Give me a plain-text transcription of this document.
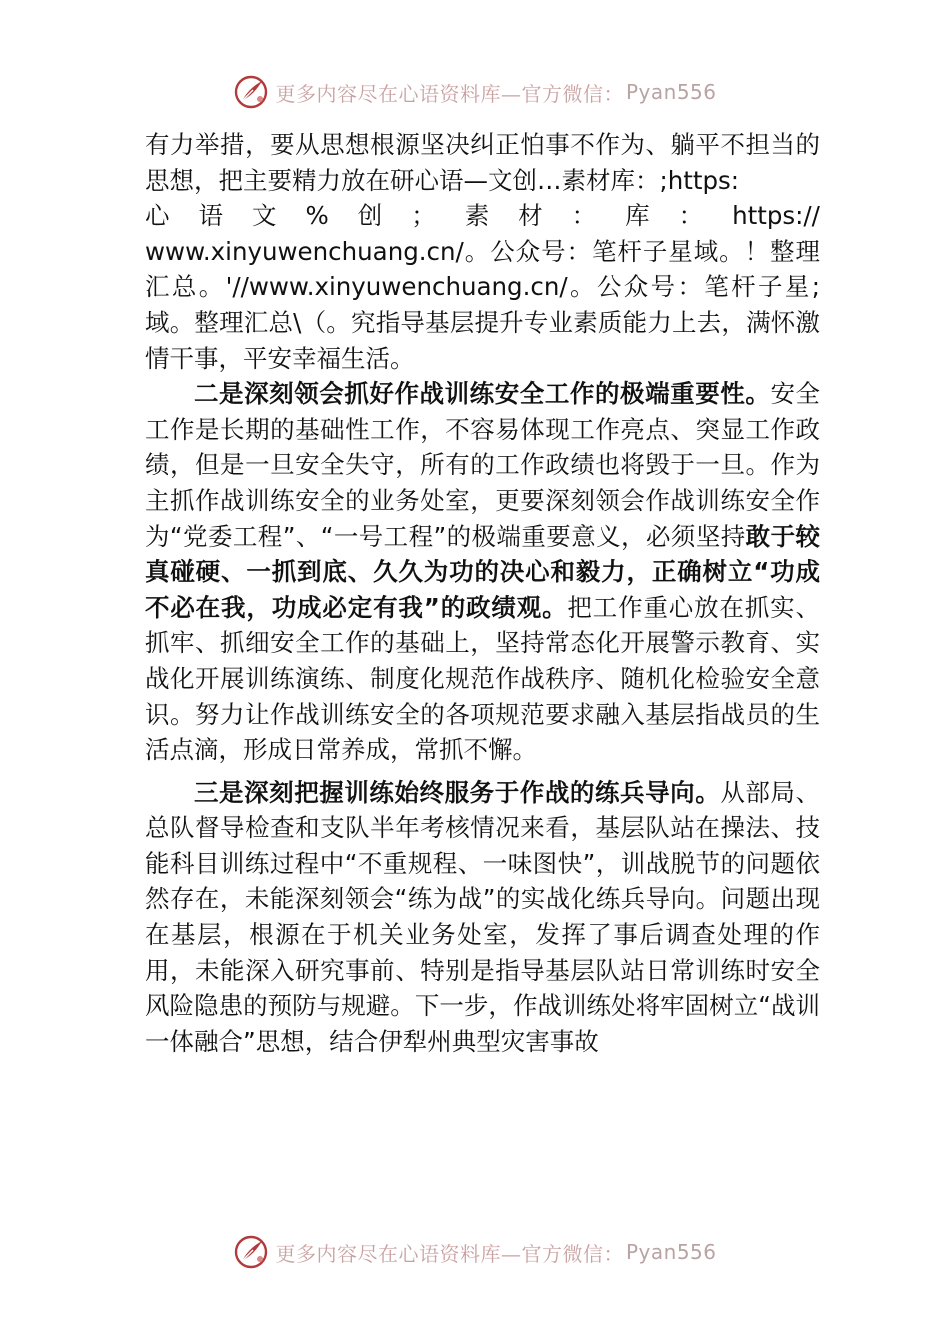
更多内容尽在心语资料库—官方微信： Pyan556

有力举措，要从思想根源坚决纠正怕事不作为、躺平不担当的思想，把主要精力放在研心语—文创…素材库：;https:

心 语 文 % 创 ； 素 材 ： 库 ： https://

www.xinyuwenchuang.cn/。公众号：笔杆子星域。！整理汇总。'//www.xinyuwenchuang.cn/。公众号：笔杆子星;域。整理汇总\（。究指导基层提升专业素质能力上去，满怀激情干事，平安幸福生活。

二是深刻领会抓好作战训练安全工作的极端重要性。安全工作是长期的基础性工作，不容易体现工作亮点、突显工作政绩，但是一旦安全失守，所有的工作政绩也将毁于一旦。作为主抓作战训练安全的业务处室，更要深刻领会作战训练安全作为“党委工程”、“一号工程”的极端重要意义，必须坚持敢于较真碰硬、一抓到底、久久为功的决心和毅力，正确树立“功成不必在我，功成必定有我”的政绩观。把工作重心放在抓实、抓牢、抓细安全工作的基础上，坚持常态化开展警示教育、实战化开展训练演练、制度化规范作战秩序、随机化检验安全意识。努力让作战训练安全的各项规范要求融入基层指战员的生活点滴，形成日常养成，常抓不懈。

三是深刻把握训练始终服务于作战的练兵导向。从部局、总队督导检查和支队半年考核情况来看，基层队站在操法、技能科目训练过程中“不重规程、一味图快”，训战脱节的问题依然存在，未能深刻领会“练为战”的实战化练兵导向。问题出现在基层，根源在于机关业务处室，发挥了事后调查处理的作用，未能深入研究事前、特别是指导基层队站日常训练时安全风险隐患的预防与规避。下一步，作战训练处将牢固树立“战训一体融合”思想，结合伊犁州典型灾害事故

更多内容尽在心语资料库—官方微信： Pyan556
